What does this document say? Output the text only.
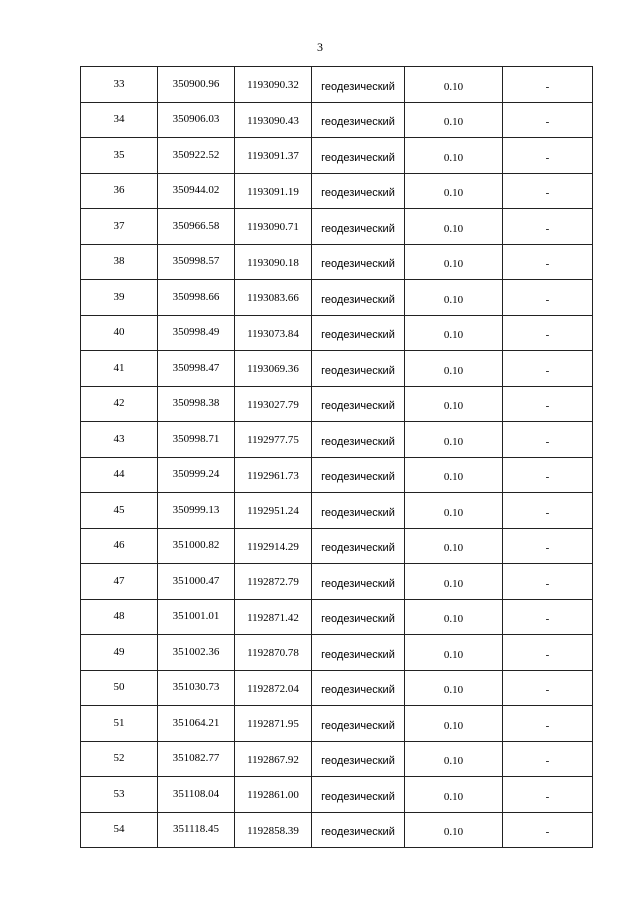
3
33	350900.96	1193090.32	геодезический	0.10	-
34	350906.03	1193090.43	геодезический	0.10	-
35	350922.52	1193091.37	геодезический	0.10	-
36	350944.02	1193091.19	геодезический	0.10	-
37	350966.58	1193090.71	геодезический	0.10	-
38	350998.57	1193090.18	геодезический	0.10	-
39	350998.66	1193083.66	геодезический	0.10	-
40	350998.49	1193073.84	геодезический	0.10	-
41	350998.47	1193069.36	геодезический	0.10	-
42	350998.38	1193027.79	геодезический	0.10	-
43	350998.71	1192977.75	геодезический	0.10	-
44	350999.24	1192961.73	геодезический	0.10	-
45	350999.13	1192951.24	геодезический	0.10	-
46	351000.82	1192914.29	геодезический	0.10	-
47	351000.47	1192872.79	геодезический	0.10	-
48	351001.01	1192871.42	геодезический	0.10	-
49	351002.36	1192870.78	геодезический	0.10	-
50	351030.73	1192872.04	геодезический	0.10	-
51	351064.21	1192871.95	геодезический	0.10	-
52	351082.77	1192867.92	геодезический	0.10	-
53	351108.04	1192861.00	геодезический	0.10	-
54	351118.45	1192858.39	геодезический	0.10	-
